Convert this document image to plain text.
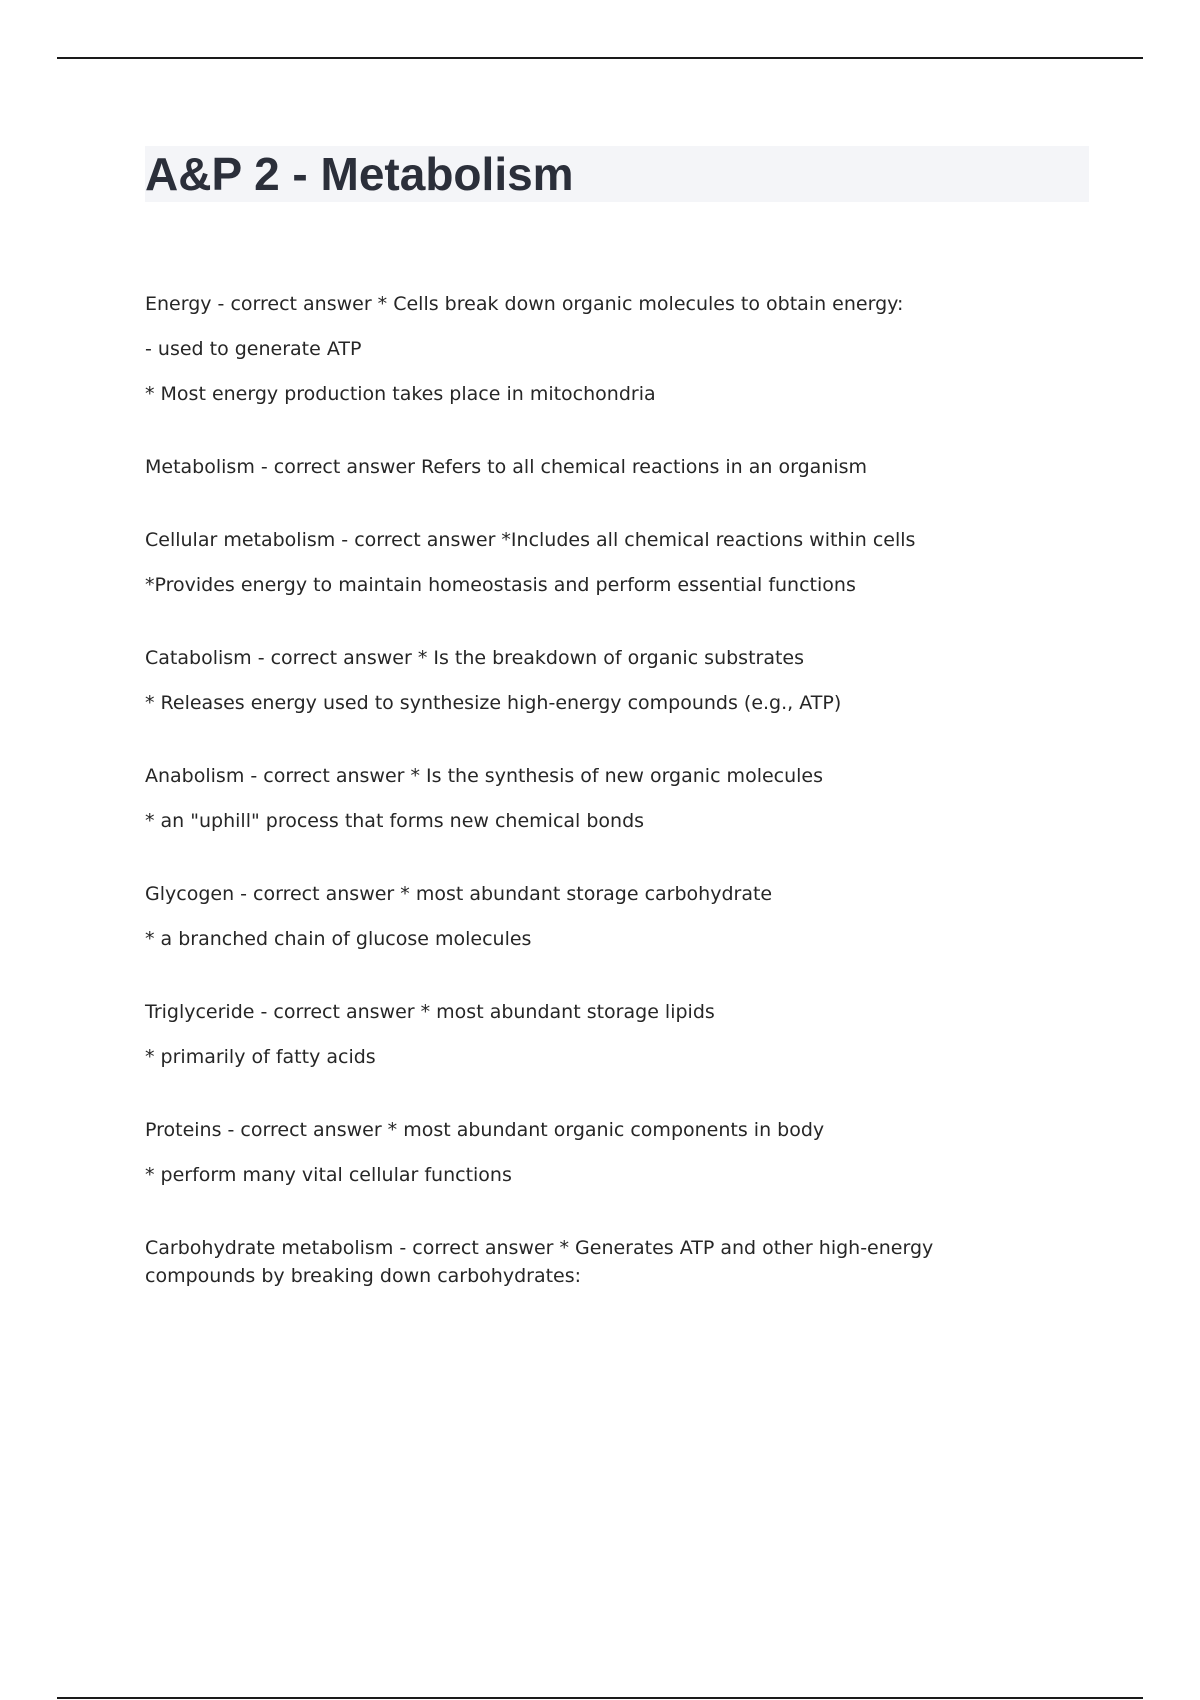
A&P 2 - Metabolism
Energy - correct answer * Cells break down organic molecules to obtain energy:
- used to generate ATP
* Most energy production takes place in mitochondria
Metabolism - correct answer Refers to all chemical reactions in an organism
Cellular metabolism - correct answer *Includes all chemical reactions within cells
*Provides energy to maintain homeostasis and perform essential functions
Catabolism - correct answer * Is the breakdown of organic substrates
* Releases energy used to synthesize high-energy compounds (e.g., ATP)
Anabolism - correct answer * Is the synthesis of new organic molecules
* an "uphill" process that forms new chemical bonds
Glycogen - correct answer * most abundant storage carbohydrate
* a branched chain of glucose molecules
Triglyceride - correct answer * most abundant storage lipids
* primarily of fatty acids
Proteins - correct answer * most abundant organic components in body
* perform many vital cellular functions
Carbohydrate metabolism - correct answer * Generates ATP and other high-energy compounds by breaking down carbohydrates:
